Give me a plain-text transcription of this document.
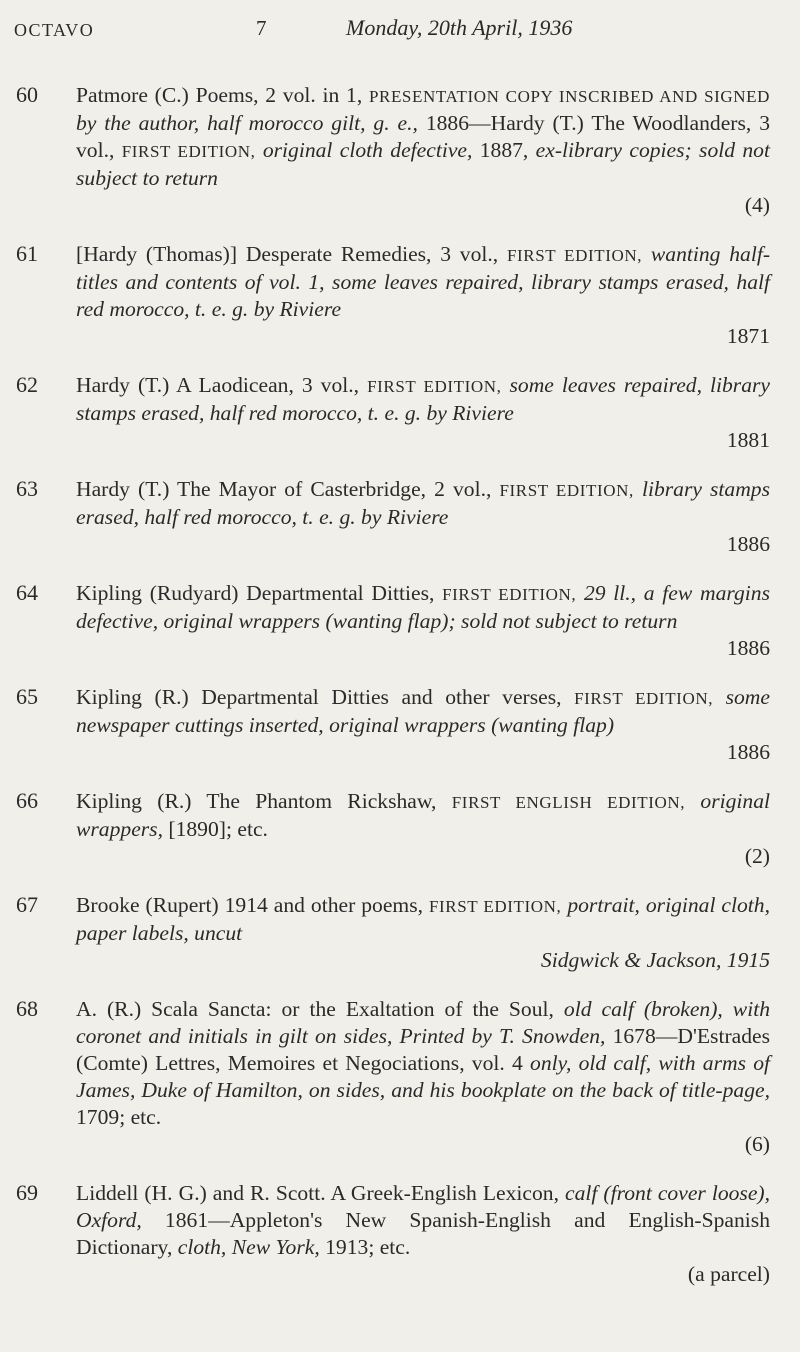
OCTAVO	7	Monday, 20th April, 1936
60	Patmore (C.) Poems, 2 vol. in 1, PRESENTATION COPY INSCRIBED AND SIGNED by the author, half morocco gilt, g. e., 1886—Hardy (T.) The Woodlanders, 3 vol., FIRST EDITION, original cloth defective, 1887, ex-library copies; sold not subject to return
(4)
61	[Hardy (Thomas)] Desperate Remedies, 3 vol., FIRST EDITION, wanting half-titles and contents of vol. 1, some leaves repaired, library stamps erased, half red morocco, t. e. g. by Riviere
1871
62	Hardy (T.) A Laodicean, 3 vol., FIRST EDITION, some leaves repaired, library stamps erased, half red morocco, t. e. g. by Riviere
1881
63	Hardy (T.) The Mayor of Casterbridge, 2 vol., FIRST EDITION, library stamps erased, half red morocco, t. e. g. by Riviere
1886
64	Kipling (Rudyard) Departmental Ditties, FIRST EDITION, 29 ll., a few margins defective, original wrappers (wanting flap); sold not subject to return
1886
65	Kipling (R.) Departmental Ditties and other verses, FIRST EDITION, some newspaper cuttings inserted, original wrappers (wanting flap)
1886
66	Kipling (R.) The Phantom Rickshaw, FIRST ENGLISH EDITION, original wrappers, [1890]; etc.
(2)
67	Brooke (Rupert) 1914 and other poems, FIRST EDITION, portrait, original cloth, paper labels, uncut
Sidgwick & Jackson, 1915
68	A. (R.) Scala Sancta: or the Exaltation of the Soul, old calf (broken), with coronet and initials in gilt on sides, Printed by T. Snowden, 1678—D'Estrades (Comte) Lettres, Memoires et Negociations, vol. 4 only, old calf, with arms of James, Duke of Hamilton, on sides, and his bookplate on the back of title-page, 1709; etc.
(6)
69	Liddell (H. G.) and R. Scott. A Greek-English Lexicon, calf (front cover loose), Oxford, 1861—Appleton's New Spanish-English and English-Spanish Dictionary, cloth, New York, 1913; etc.
(a parcel)
